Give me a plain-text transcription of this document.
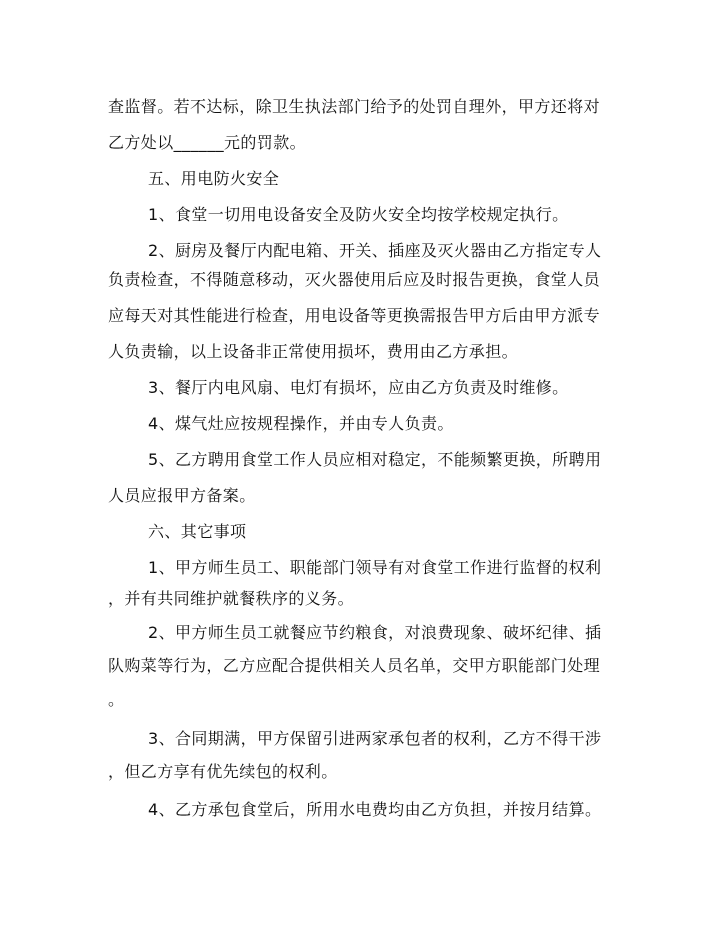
查监督。若不达标，除卫生执法部门给予的处罚自理外，甲方还将对
乙方处以______元的罚款。
五、用电防火安全
1、食堂一切用电设备安全及防火安全均按学校规定执行。
2、厨房及餐厅内配电箱、开关、插座及灭火器由乙方指定专人
负责检查，不得随意移动，灭火器使用后应及时报告更换，食堂人员
应每天对其性能进行检查，用电设备等更换需报告甲方后由甲方派专
人负责输，以上设备非正常使用损坏，费用由乙方承担。
3、餐厅内电风扇、电灯有损坏，应由乙方负责及时维修。
4、煤气灶应按规程操作，并由专人负责。
5、乙方聘用食堂工作人员应相对稳定，不能频繁更换，所聘用
人员应报甲方备案。
六、其它事项
1、甲方师生员工、职能部门领导有对食堂工作进行监督的权利
，并有共同维护就餐秩序的义务。
2、甲方师生员工就餐应节约粮食，对浪费现象、破坏纪律、插
队购菜等行为，乙方应配合提供相关人员名单，交甲方职能部门处理
。
3、合同期满，甲方保留引进两家承包者的权利，乙方不得干涉
，但乙方享有优先续包的权利。
4、乙方承包食堂后，所用水电费均由乙方负担，并按月结算。
